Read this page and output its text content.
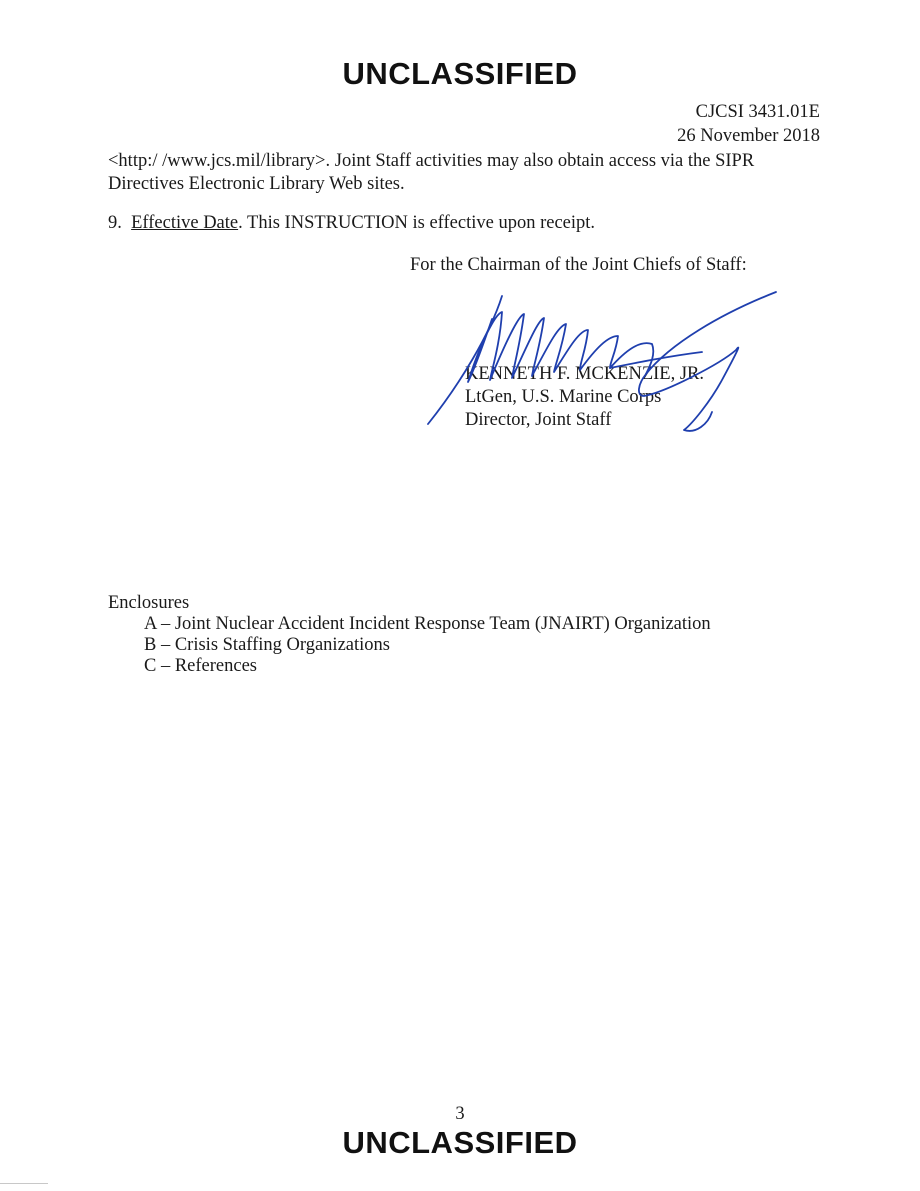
UNCLASSIFIED
CJCSI 3431.01E
26 November 2018
<http:/ /www.jcs.mil/library>. Joint Staff activities may also obtain access via the SIPR Directives Electronic Library Web sites.
9. Effective Date. This INSTRUCTION is effective upon receipt.
For the Chairman of the Joint Chiefs of Staff:
KENNETH F. MCKENZIE, JR.
LtGen, U.S. Marine Corps
Director, Joint Staff
Enclosures
A – Joint Nuclear Accident Incident Response Team (JNAIRT) Organization
B – Crisis Staffing Organizations
C – References
3
UNCLASSIFIED
